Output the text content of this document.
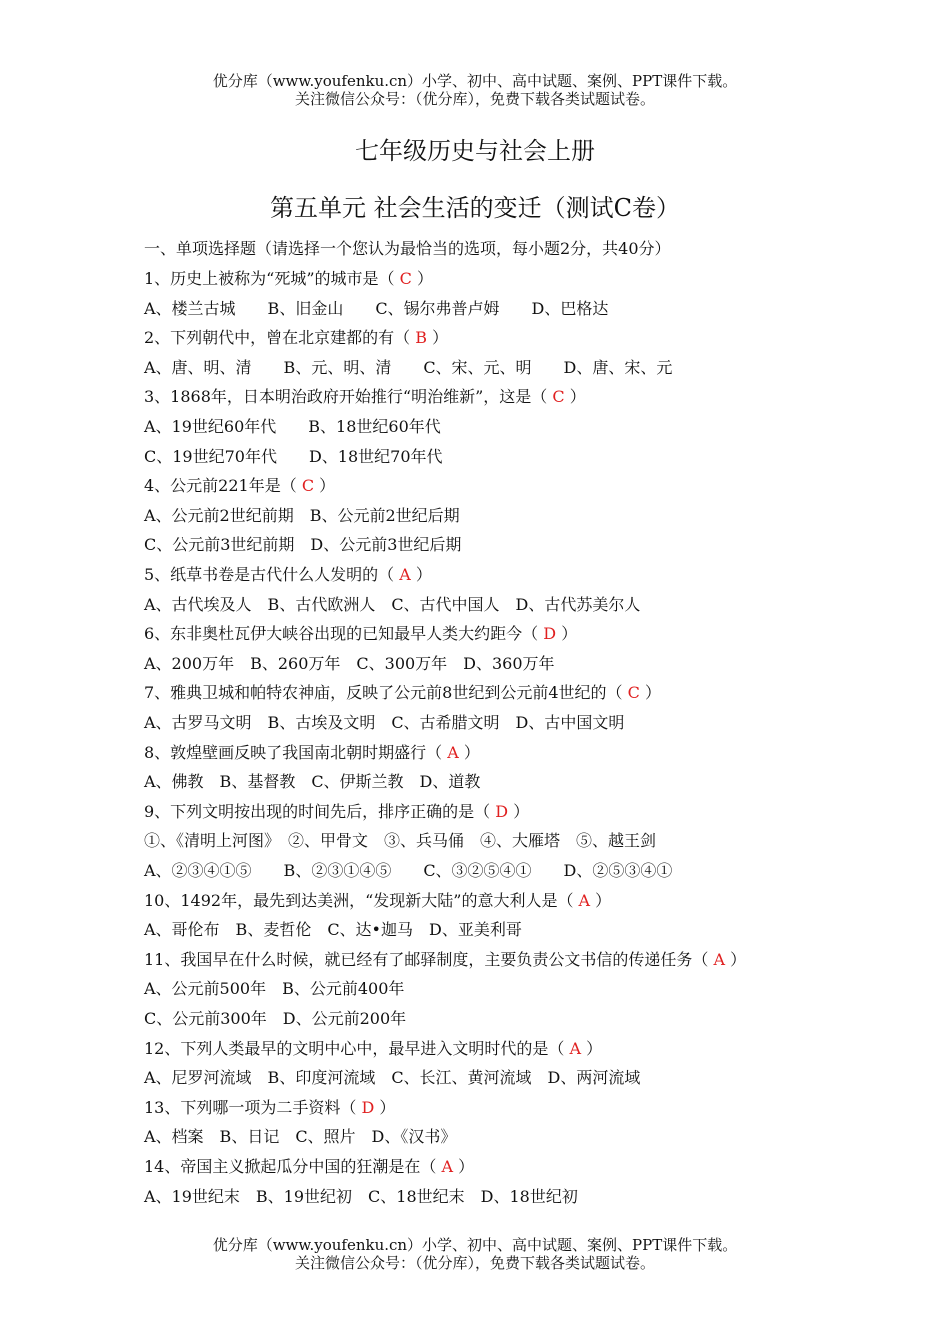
优分库（www.youfenku.cn）小学、初中、高中试题、案例、PPT课件下载。
关注微信公众号：（优分库），免费下载各类试题试卷。
七年级历史与社会上册
第五单元 社会生活的变迁（测试C卷）
一、单项选择题（请选择一个您认为最恰当的选项，每小题2分，共40分）
1、历史上被称为“死城”的城市是（ C ）
A、楼兰古城　　B、旧金山　　C、锡尔弗普卢姆　　D、巴格达
2、下列朝代中，曾在北京建都的有（ B ）
A、唐、明、清　　B、元、明、清　　C、宋、元、明　　D、唐、宋、元
3、1868年，日本明治政府开始推行“明治维新”，这是（ C ）
A、19世纪60年代　　B、18世纪60年代
C、19世纪70年代　　D、18世纪70年代
4、公元前221年是（ C ）
A、公元前2世纪前期　B、公元前2世纪后期
C、公元前3世纪前期　D、公元前3世纪后期
5、纸草书卷是古代什么人发明的（ A ）
A、古代埃及人　B、古代欧洲人　C、古代中国人　D、古代苏美尔人
6、东非奥杜瓦伊大峡谷出现的已知最早人类大约距今（ D ）
A、200万年　B、260万年　C、300万年　D、360万年
7、雅典卫城和帕特农神庙，反映了公元前8世纪到公元前4世纪的（ C ）
A、古罗马文明　B、古埃及文明　C、古希腊文明　D、古中国文明
8、敦煌壁画反映了我国南北朝时期盛行（ A ）
A、佛教　B、基督教　C、伊斯兰教　D、道教
9、下列文明按出现的时间先后，排序正确的是（ D ）
①、《清明上河图》　②、甲骨文　③、兵马俑　④、大雁塔　⑤、越王剑
A、②③④①⑤　　B、②③①④⑤　　C、③②⑤④①　　D、②⑤③④①
10、1492年，最先到达美洲，“发现新大陆”的意大利人是（ A ）
A、哥伦布　B、麦哲伦　C、达•迦马　D、亚美利哥
11、我国早在什么时候，就已经有了邮驿制度，主要负责公文书信的传递任务（ A ）
A、公元前500年　B、公元前400年
C、公元前300年　D、公元前200年
12、下列人类最早的文明中心中，最早进入文明时代的是（ A ）
A、尼罗河流域　B、印度河流域　C、长江、黄河流域　D、两河流域
13、下列哪一项为二手资料（ D ）
A、档案　B、日记　C、照片　D、《汉书》
14、帝国主义掀起瓜分中国的狂潮是在（ A ）
A、19世纪末　B、19世纪初　C、18世纪末　D、18世纪初
优分库（www.youfenku.cn）小学、初中、高中试题、案例、PPT课件下载。
关注微信公众号：（优分库），免费下载各类试题试卷。
